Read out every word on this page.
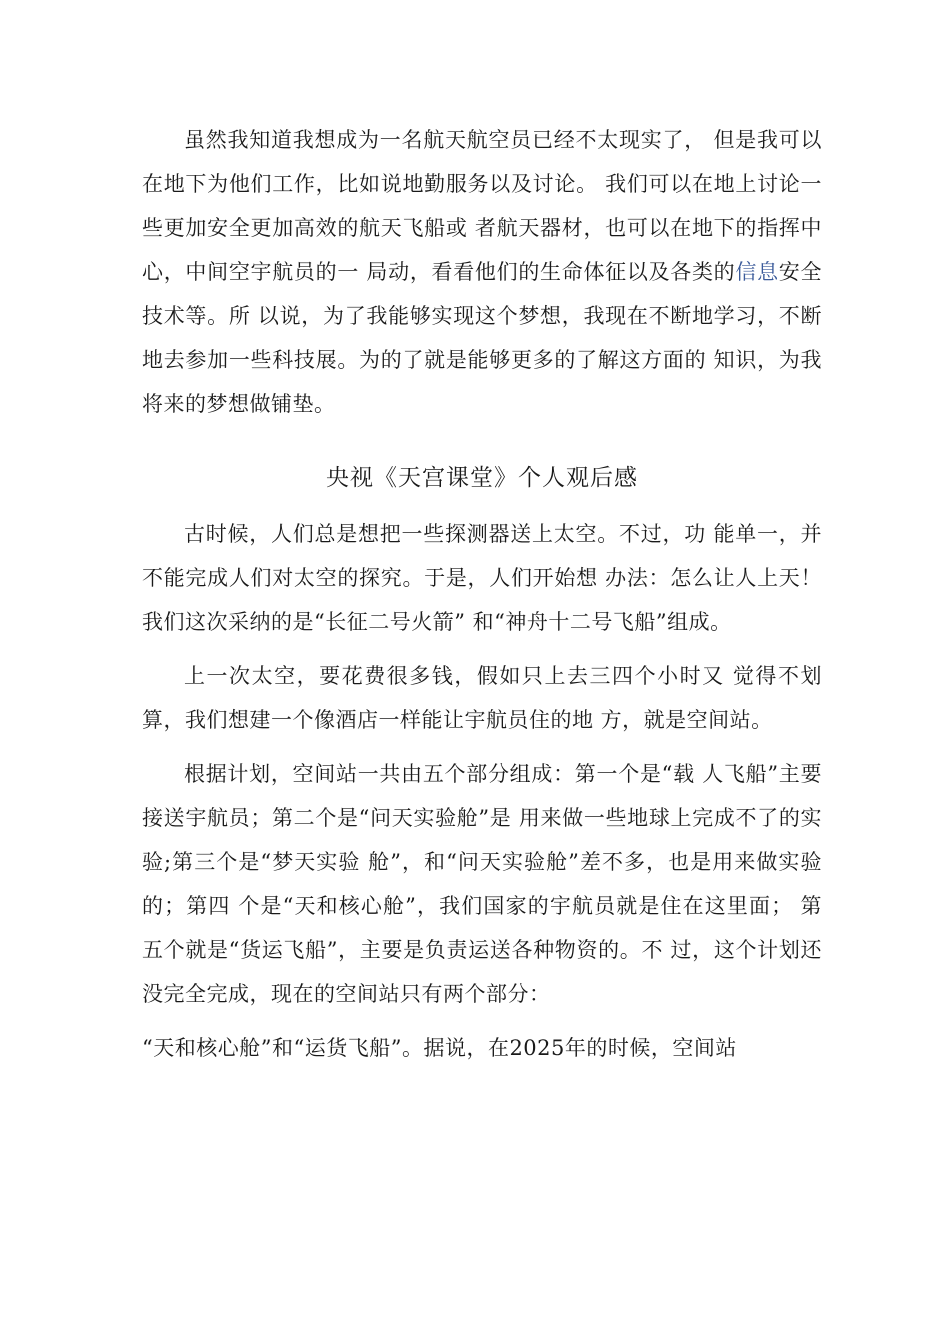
虽然我知道我想成为一名航天航空员已经不太现实了， 但是我可以在地下为他们工作，比如说地勤服务以及讨论。 我们可以在地上讨论一些更加安全更加高效的航天飞船或 者航天器材，也可以在地下的指挥中心，中间空宇航员的一 局动，看看他们的生命体征以及各类的信息安全技术等。所 以说，为了我能够实现这个梦想，我现在不断地学习，不断 地去参加一些科技展。为的了就是能够更多的了解这方面的 知识，为我将来的梦想做铺垫。

央视《天宫课堂》个人观后感

古时候，人们总是想把一些探测器送上太空。不过，功 能单一，并不能完成人们对太空的探究。于是，人们开始想 办法：怎么让人上天！我们这次采纳的是“长征二号火箭” 和“神舟十二号飞船”组成。

上一次太空，要花费很多钱，假如只上去三四个小时又 觉得不划算，我们想建一个像酒店一样能让宇航员住的地 方，就是空间站。

根据计划，空间站一共由五个部分组成：第一个是“载 人飞船”主要接送宇航员；第二个是“问天实验舱”是 用来做一些地球上完成不了的实验;第三个是“梦天实验 舱”，和“问天实验舱”差不多，也是用来做实验的；第四 个是“天和核心舱”，我们国家的宇航员就是住在这里面； 第五个就是“货运飞船”，主要是负责运送各种物资的。不 过，这个计划还没完全完成，现在的空间站只有两个部分：

“天和核心舱”和“运货飞船”。据说，在2025年的时候，空间站
